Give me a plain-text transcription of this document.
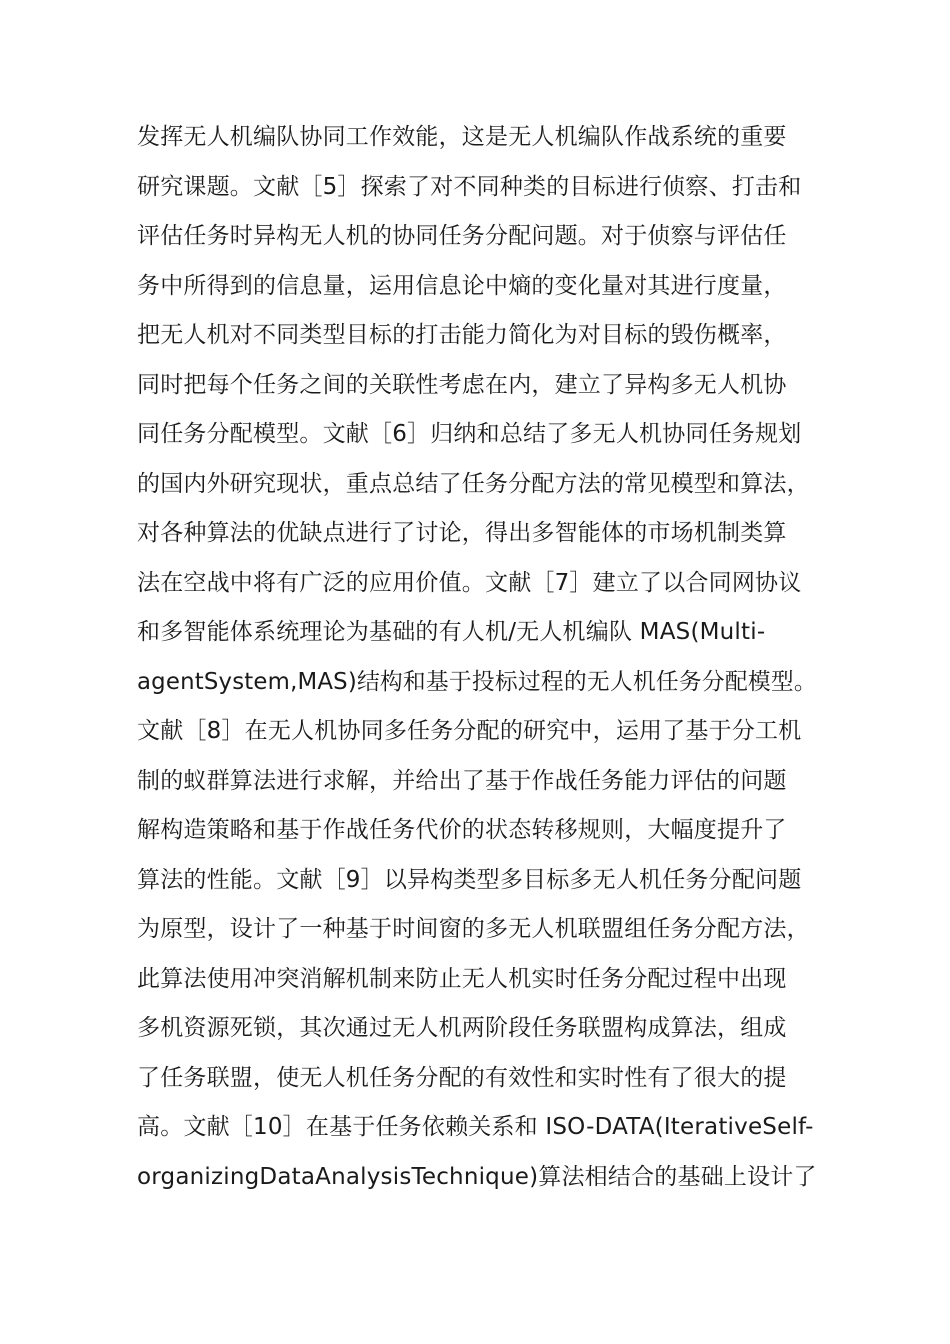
发挥无人机编队协同工作效能，这是无人机编队作战系统的重要
研究课题。文献［5］探索了对不同种类的目标进行侦察、打击和
评估任务时异构无人机的协同任务分配问题。对于侦察与评估任
务中所得到的信息量，运用信息论中熵的变化量对其进行度量，
把无人机对不同类型目标的打击能力简化为对目标的毁伤概率，
同时把每个任务之间的关联性考虑在内，建立了异构多无人机协
同任务分配模型。文献［6］归纳和总结了多无人机协同任务规划
的国内外研究现状，重点总结了任务分配方法的常见模型和算法，
对各种算法的优缺点进行了讨论，得出多智能体的市场机制类算
法在空战中将有广泛的应用价值。文献［7］建立了以合同网协议
和多智能体系统理论为基础的有人机/无人机编队 MAS(Multi-
agentSystem,MAS)结构和基于投标过程的无人机任务分配模型。
文献［8］在无人机协同多任务分配的研究中，运用了基于分工机
制的蚁群算法进行求解，并给出了基于作战任务能力评估的问题
解构造策略和基于作战任务代价的状态转移规则，大幅度提升了
算法的性能。文献［9］以异构类型多目标多无人机任务分配问题
为原型，设计了一种基于时间窗的多无人机联盟组任务分配方法，
此算法使用冲突消解机制来防止无人机实时任务分配过程中出现
多机资源死锁，其次通过无人机两阶段任务联盟构成算法，组成
了任务联盟，使无人机任务分配的有效性和实时性有了很大的提
高。文献［10］在基于任务依赖关系和 ISO-DATA(IterativeSelf-
organizingDataAnalysisTechnique)算法相结合的基础上设计了
